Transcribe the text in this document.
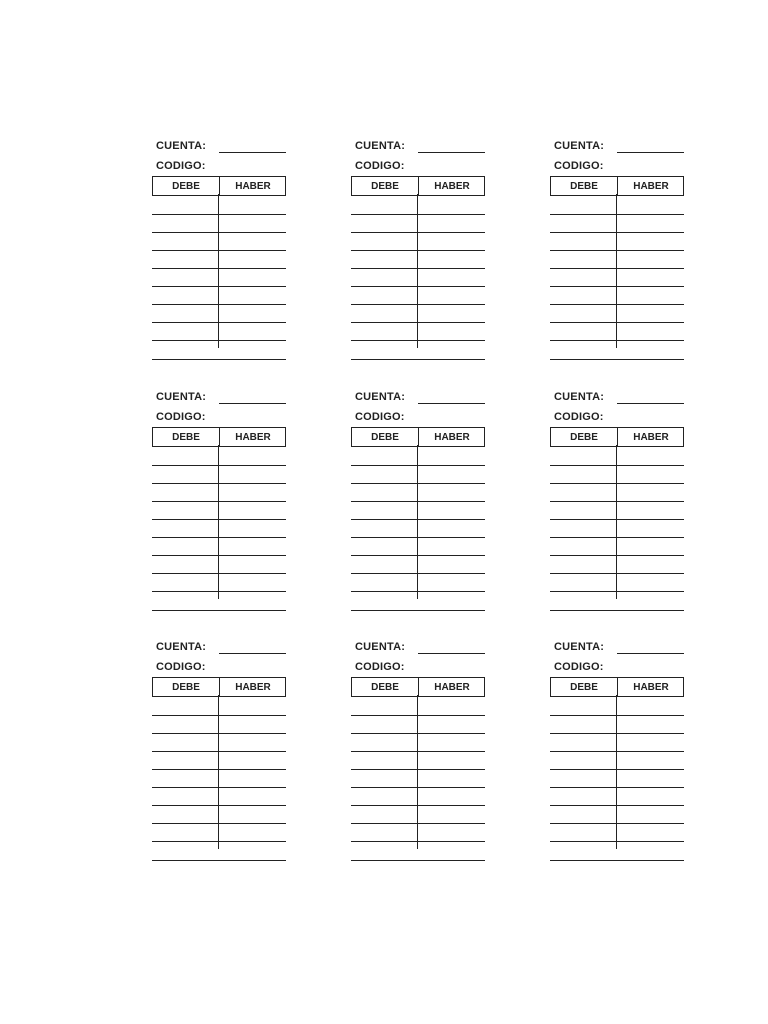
CUENTA:
CODIGO:
DEBE	HABER
CUENTA:
CODIGO:
DEBE	HABER
CUENTA:
CODIGO:
DEBE	HABER
CUENTA:
CODIGO:
DEBE	HABER
CUENTA:
CODIGO:
DEBE	HABER
CUENTA:
CODIGO:
DEBE	HABER
CUENTA:
CODIGO:
DEBE	HABER
CUENTA:
CODIGO:
DEBE	HABER
CUENTA:
CODIGO:
DEBE	HABER
